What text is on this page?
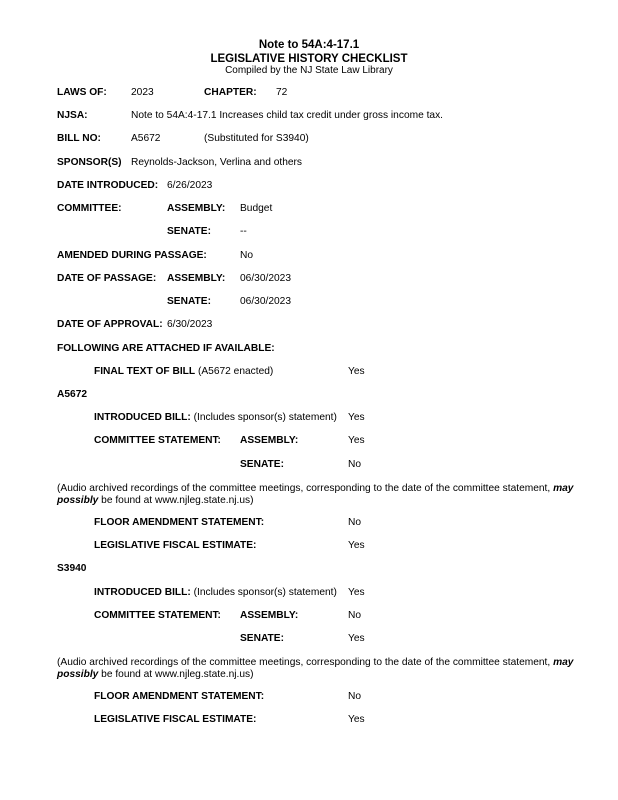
Note to 54A:4-17.1
LEGISLATIVE HISTORY CHECKLIST
Compiled by the NJ State Law Library
LAWS OF: 2023	CHAPTER: 72
NJSA:	Note to 54A:4-17.1 Increases child tax credit under gross income tax.
BILL NO:	A5672	(Substituted for S3940)
SPONSOR(S) Reynolds-Jackson, Verlina and others
DATE INTRODUCED: 6/26/2023
COMMITTEE:	ASSEMBLY: Budget
SENATE:	--
AMENDED DURING PASSAGE:	No
DATE OF PASSAGE: ASSEMBLY: 06/30/2023
SENATE:	06/30/2023
DATE OF APPROVAL: 6/30/2023
FOLLOWING ARE ATTACHED IF AVAILABLE:
FINAL TEXT OF BILL (A5672 enacted)	Yes
A5672
INTRODUCED BILL: (Includes sponsor(s) statement) Yes
COMMITTEE STATEMENT: ASSEMBLY:	Yes
SENATE:	No
(Audio archived recordings of the committee meetings, corresponding to the date of the committee statement, may possibly be found at www.njleg.state.nj.us)
FLOOR AMENDMENT STATEMENT:	No
LEGISLATIVE FISCAL ESTIMATE:	Yes
S3940
INTRODUCED BILL: (Includes sponsor(s) statement) Yes
COMMITTEE STATEMENT: ASSEMBLY:	No
SENATE:	Yes
(Audio archived recordings of the committee meetings, corresponding to the date of the committee statement, may possibly be found at www.njleg.state.nj.us)
FLOOR AMENDMENT STATEMENT:	No
LEGISLATIVE FISCAL ESTIMATE:	Yes
